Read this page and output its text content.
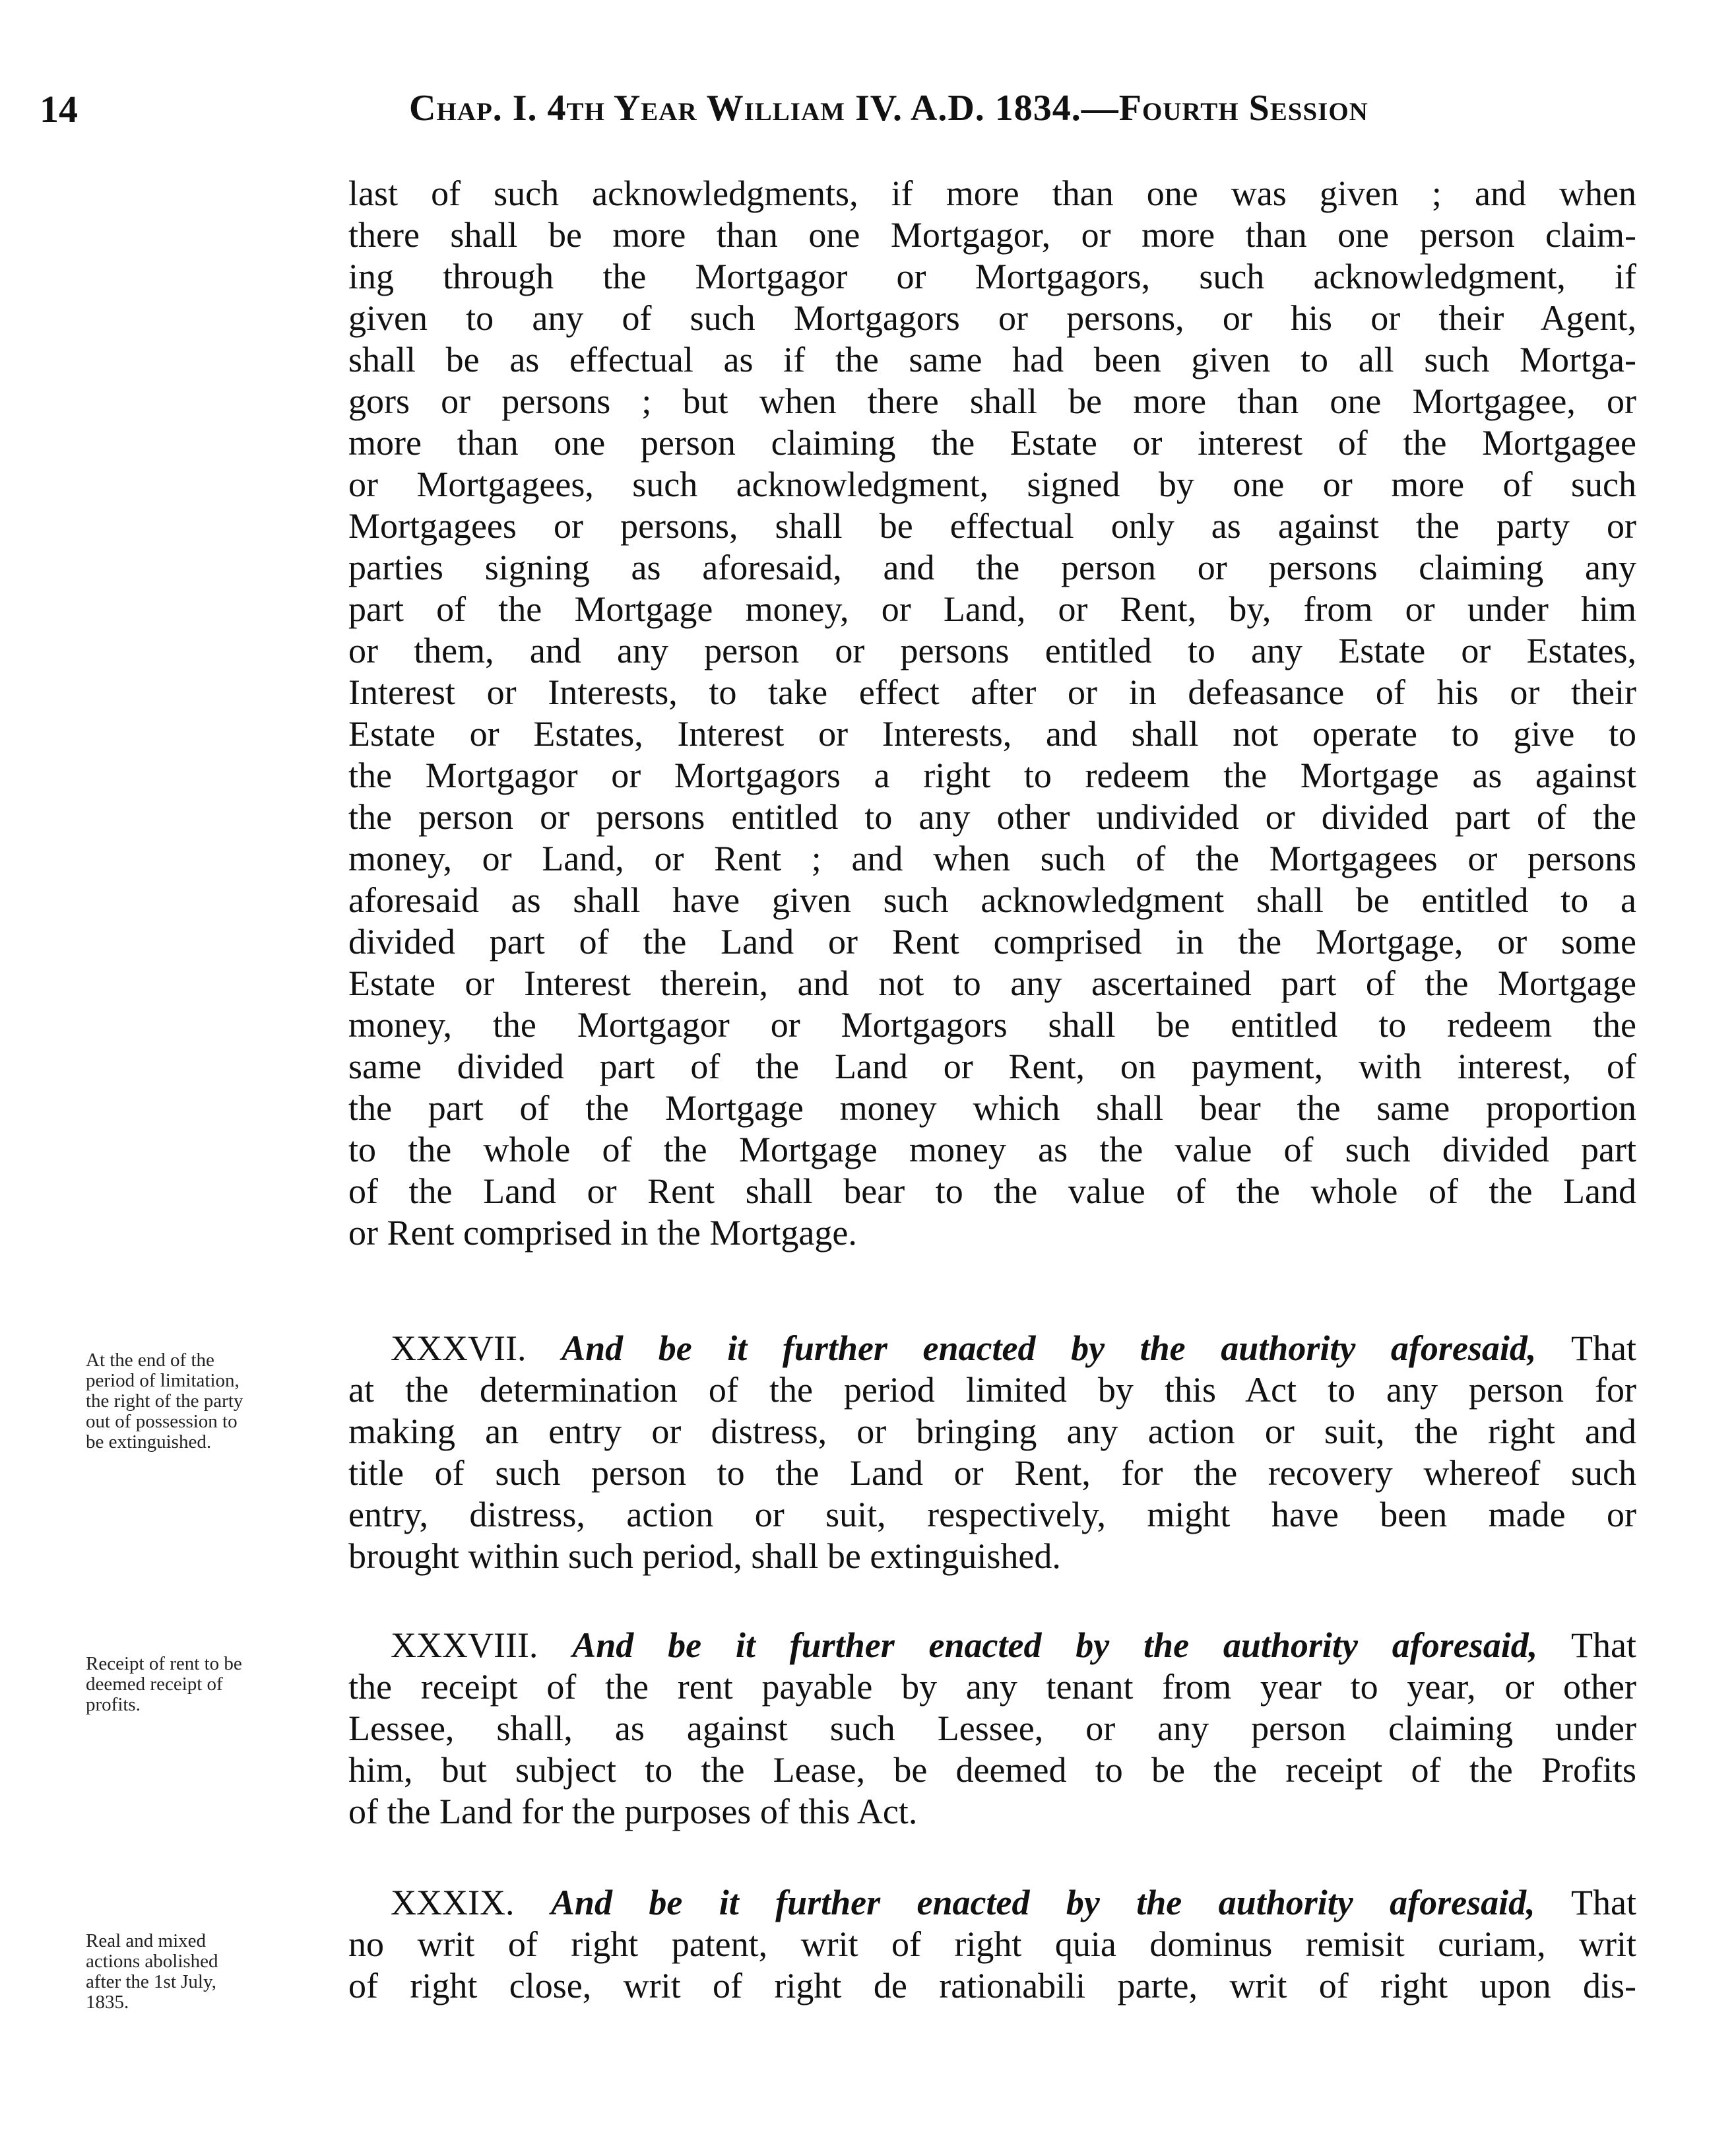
14	Chap. I. 4th Year William IV. A.D. 1834.—Fourth Session
last of such acknowledgments, if more than one was given ; and when
there shall be more than one Mortgagor, or more than one person claim-
ing through the Mortgagor or Mortgagors, such acknowledgment, if
given to any of such Mortgagors or persons, or his or their Agent,
shall be as effectual as if the same had been given to all such Mortga-
gors or persons ; but when there shall be more than one Mortgagee, or
more than one person claiming the Estate or interest of the Mortgagee
or Mortgagees, such acknowledgment, signed by one or more of such
Mortgagees or persons, shall be effectual only as against the party or
parties signing as aforesaid, and the person or persons claiming any
part of the Mortgage money, or Land, or Rent, by, from or under him
or them, and any person or persons entitled to any Estate or Estates,
Interest or Interests, to take effect after or in defeasance of his or their
Estate or Estates, Interest or Interests, and shall not operate to give to
the Mortgagor or Mortgagors a right to redeem the Mortgage as against
the person or persons entitled to any other undivided or divided part of the
money, or Land, or Rent ; and when such of the Mortgagees or persons
aforesaid as shall have given such acknowledgment shall be entitled to a
divided part of the Land or Rent comprised in the Mortgage, or some
Estate or Interest therein, and not to any ascertained part of the Mortgage
money, the Mortgagor or Mortgagors shall be entitled to redeem the
same divided part of the Land or Rent, on payment, with interest, of
the part of the Mortgage money which shall bear the same proportion
to the whole of the Mortgage money as the value of such divided part
of the Land or Rent shall bear to the value of the whole of the Land
or Rent comprised in the Mortgage.
At the end of the
period of limitation,
the right of the party
out of possession to
be extinguished.
XXXVII. And be it further enacted by the authority aforesaid, That
at the determination of the period limited by this Act to any person for
making an entry or distress, or bringing any action or suit, the right and
title of such person to the Land or Rent, for the recovery whereof such
entry, distress, action or suit, respectively, might have been made or
brought within such period, shall be extinguished.
Receipt of rent to be
deemed receipt of
profits.
XXXVIII. And be it further enacted by the authority aforesaid, That
the receipt of the rent payable by any tenant from year to year, or other
Lessee, shall, as against such Lessee, or any person claiming under
him, but subject to the Lease, be deemed to be the receipt of the Profits
of the Land for the purposes of this Act.
Real and mixed
actions abolished
after the 1st July,
1835.
XXXIX. And be it further enacted by the authority aforesaid, That
no writ of right patent, writ of right quia dominus remisit curiam, writ
of right close, writ of right de rationabili parte, writ of right upon dis-
